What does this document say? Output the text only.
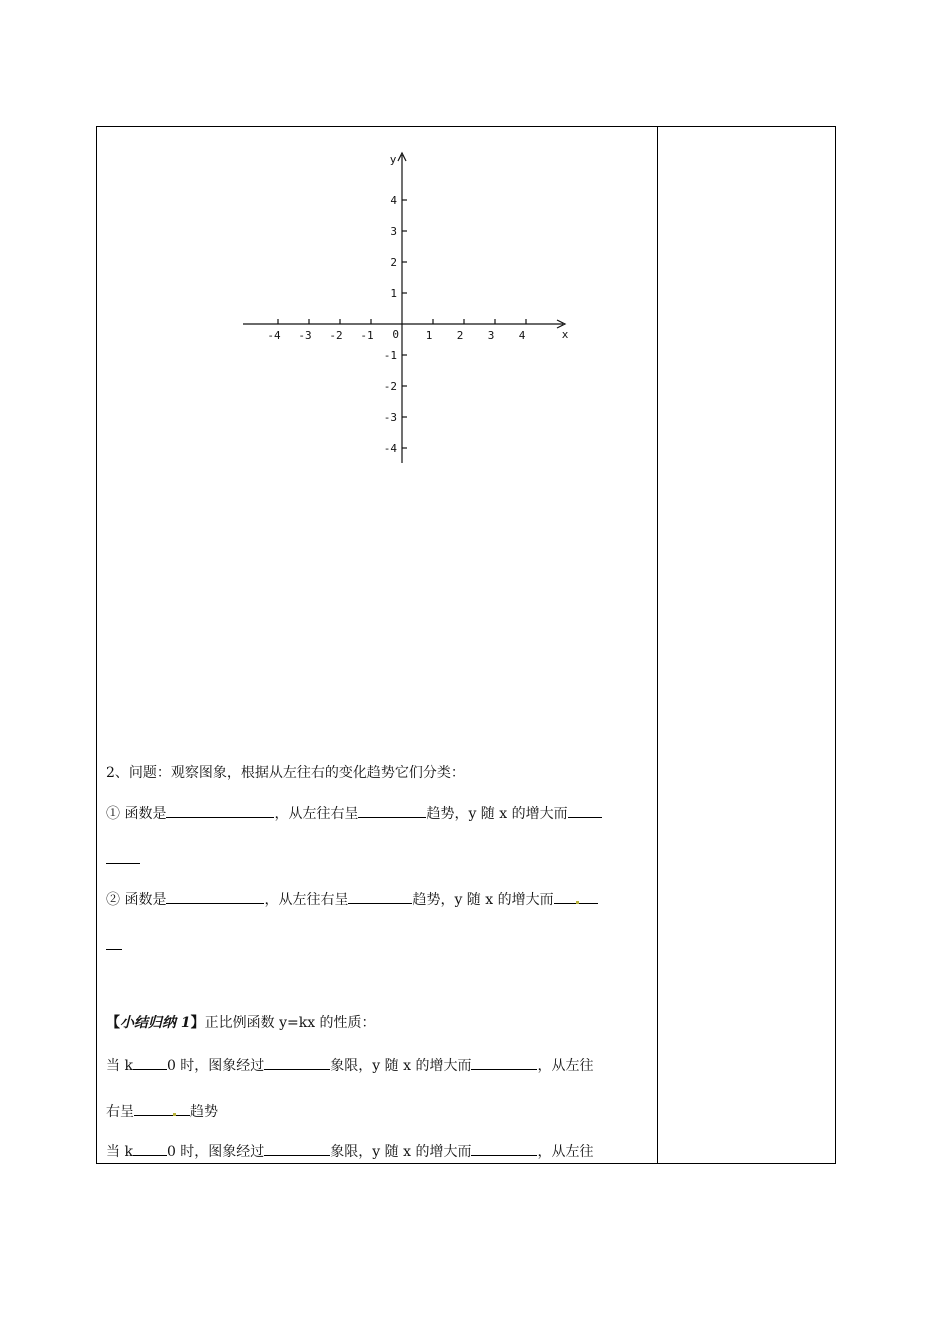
-4 -3 -2 -1	1 2 3 4
4
3
2
1
-1
-2
-3
-4
0	x
y
2、问题：观察图象，根据从左往右的变化趋势它们分类：
① 函数是	，从左往右呈	趋势，y 随 x 的增大而
② 函数是	，从左往右呈	趋势，y 随 x 的增大而
【小结归纳 1】正比例函数 y=kx 的性质：
当 k 0 时，图象经过	象限，y 随 x 的增大而	，从左往
右呈	趋势
当 k 0 时，图象经过	象限，y 随 x 的增大而	，从左往
